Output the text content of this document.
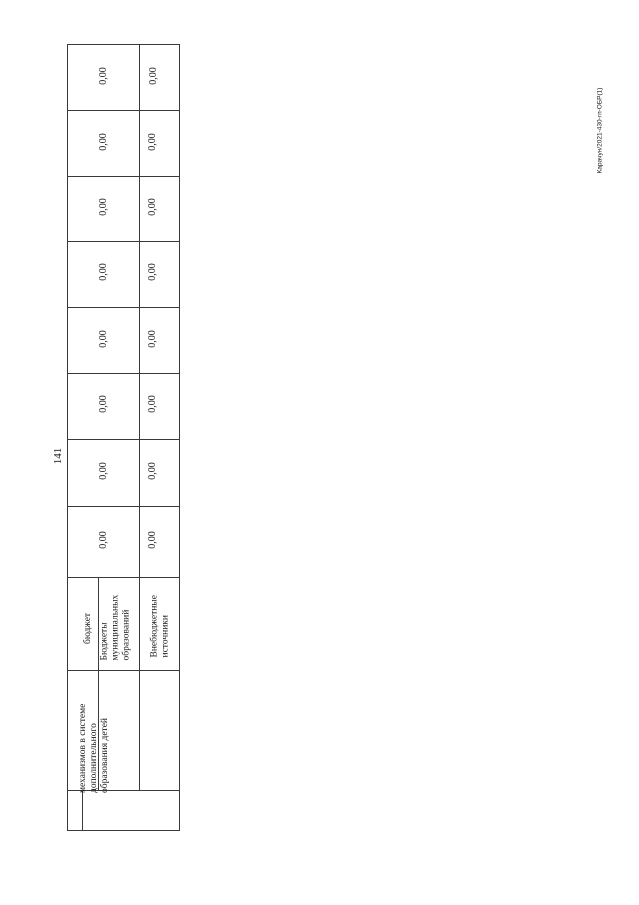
механизмов в системе дополнительного образования детей
бюджет Бюджеты муниципальных образований Внебюджетные источники
0,00
0,00
0,00
0,00
0,00
0,00
0,00
0,00
0,00
0,00
0,00
0,00
0,00
0,00
0,00
0,00
141
Карачун/2021-430-гп-ОБР(1)
